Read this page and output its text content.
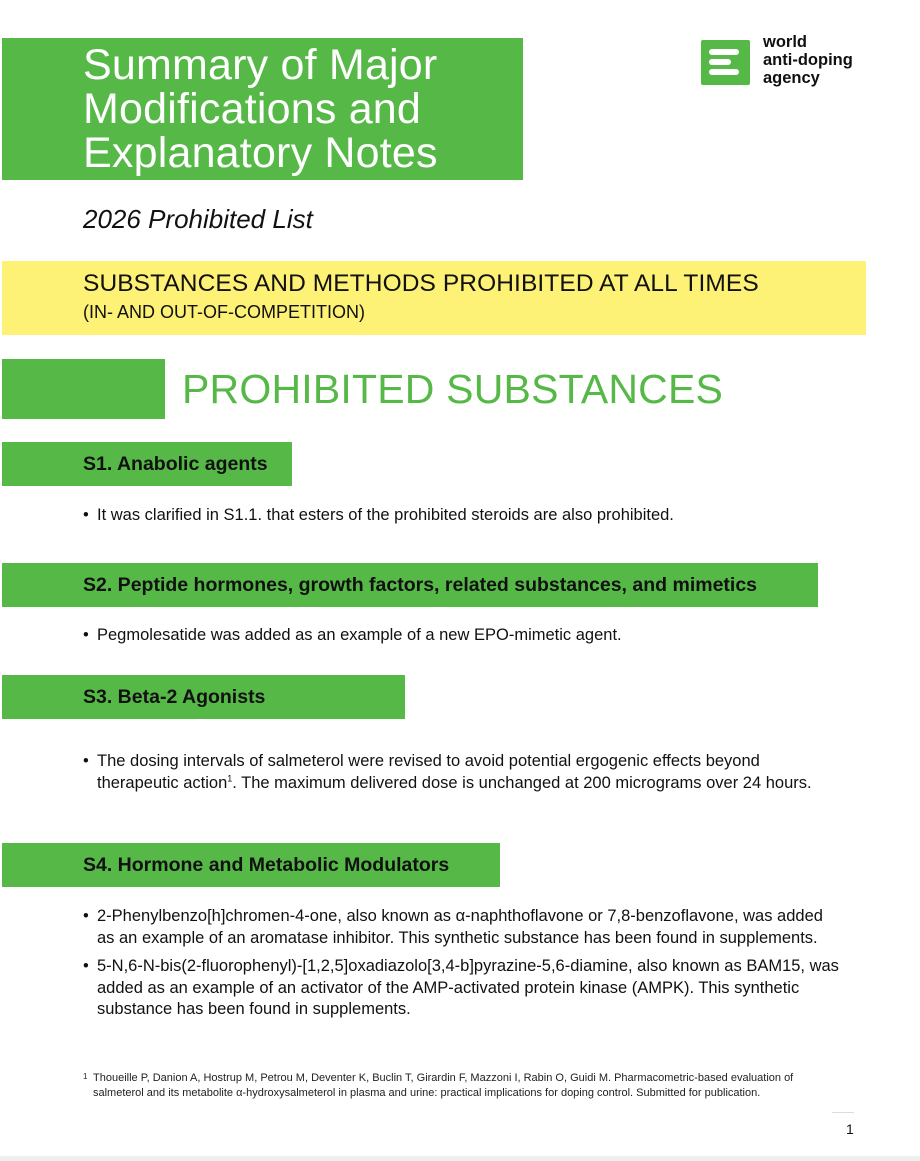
Summary of Major
Modifications and
Explanatory Notes
world
anti-doping
agency
2026 Prohibited List
SUBSTANCES AND METHODS PROHIBITED AT ALL TIMES
(IN- AND OUT-OF-COMPETITION)
PROHIBITED SUBSTANCES
S1. Anabolic agents
• It was clarified in S1.1. that esters of the prohibited steroids are also prohibited.
S2. Peptide hormones, growth factors, related substances, and mimetics
• Pegmolesatide was added as an example of a new EPO-mimetic agent.
S3. Beta-2 Agonists
• The dosing intervals of salmeterol were revised to avoid potential ergogenic effects beyond therapeutic action$^1$. The maximum delivered dose is unchanged at 200 micrograms over 24 hours.
S4. Hormone and Metabolic Modulators
• 2-Phenylbenzo[h]chromen-4-one, also known as α-naphthoflavone or 7,8-benzoflavone, was added as an example of an aromatase inhibitor. This synthetic substance has been found in supplements.
• 5-N,6-N-bis(2-fluorophenyl)-[1,2,5]oxadiazolo[3,4-b]pyrazine-5,6-diamine, also known as BAM15, was added as an example of an activator of the AMP-activated protein kinase (AMPK). This synthetic substance has been found in supplements.
1 Thoueille P, Danion A, Hostrup M, Petrou M, Deventer K, Buclin T, Girardin F, Mazzoni I, Rabin O, Guidi M. Pharmacometric-based evaluation of salmeterol and its metabolite α-hydroxysalmeterol in plasma and urine: practical implications for doping control. Submitted for publication.
1
